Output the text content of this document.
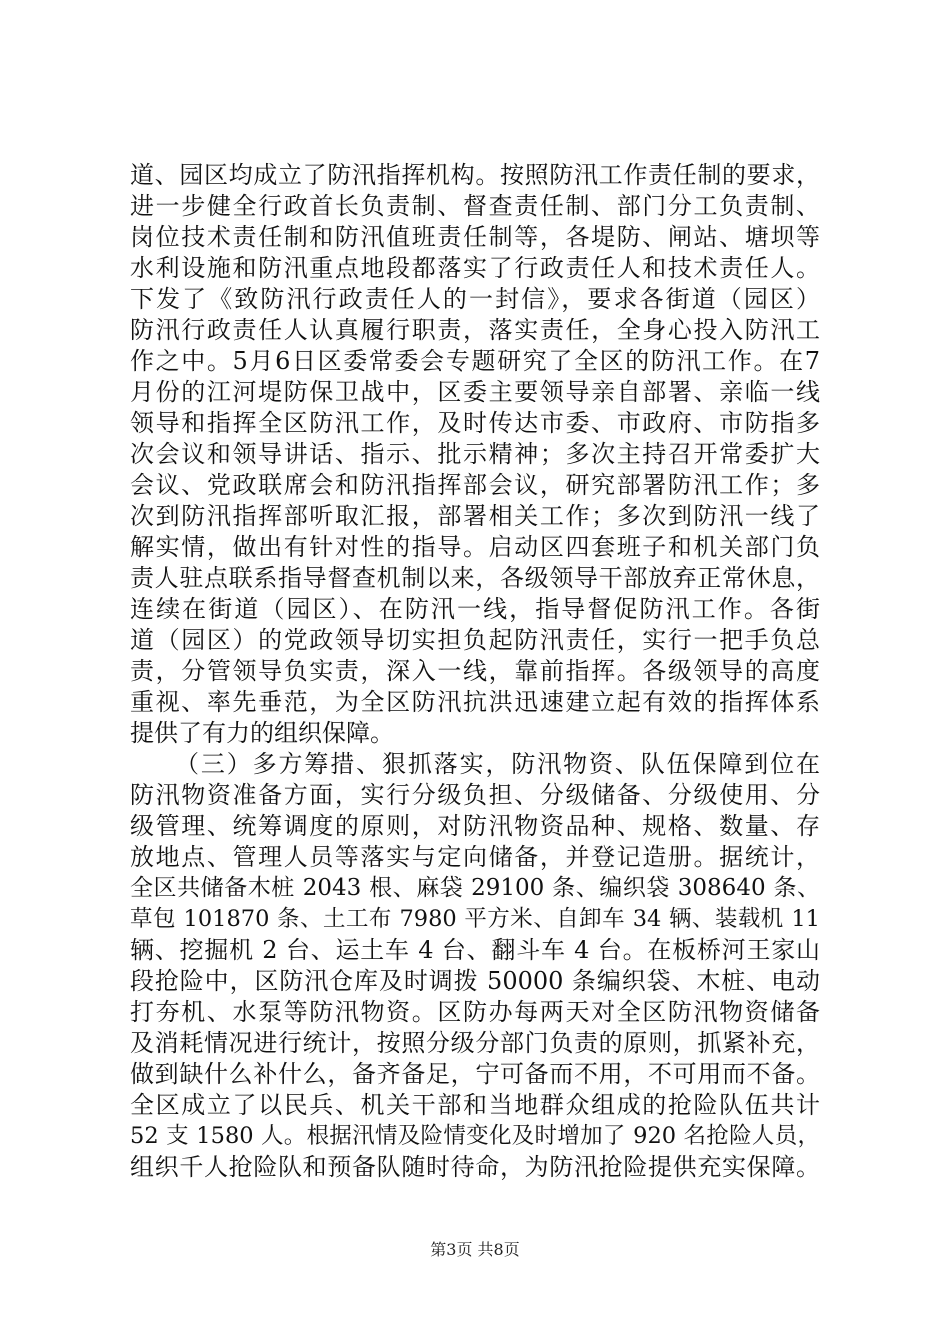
道、园区均成立了防汛指挥机构。按照防汛工作责任制的要求，
进一步健全行政首长负责制、督查责任制、部门分工负责制、
岗位技术责任制和防汛值班责任制等，各堤防、闸站、塘坝等
水利设施和防汛重点地段都落实了行政责任人和技术责任人。
下发了《致防汛行政责任人的一封信》，要求各街道（园区）
防汛行政责任人认真履行职责，落实责任，全身心投入防汛工
作之中。5月6日区委常委会专题研究了全区的防汛工作。在7
月份的江河堤防保卫战中，区委主要领导亲自部署、亲临一线
领导和指挥全区防汛工作，及时传达市委、市政府、市防指多
次会议和领导讲话、指示、批示精神；多次主持召开常委扩大
会议、党政联席会和防汛指挥部会议，研究部署防汛工作；多
次到防汛指挥部听取汇报，部署相关工作；多次到防汛一线了
解实情，做出有针对性的指导。启动区四套班子和机关部门负
责人驻点联系指导督查机制以来，各级领导干部放弃正常休息，
连续在街道（园区）、在防汛一线，指导督促防汛工作。各街
道（园区）的党政领导切实担负起防汛责任，实行一把手负总
责，分管领导负实责，深入一线，靠前指挥。各级领导的高度
重视、率先垂范，为全区防汛抗洪迅速建立起有效的指挥体系
提供了有力的组织保障。
（三）多方筹措、狠抓落实，防汛物资、队伍保障到位在
防汛物资准备方面，实行分级负担、分级储备、分级使用、分
级管理、统筹调度的原则，对防汛物资品种、规格、数量、存
放地点、管理人员等落实与定向储备，并登记造册。据统计，
全区共储备木桩 2043 根、麻袋 29100 条、编织袋 308640 条、
草包 101870 条、土工布 7980 平方米、自卸车 34 辆、装载机 11
辆、挖掘机 2 台、运土车 4 台、翻斗车 4 台。在板桥河王家山
段抢险中，区防汛仓库及时调拨 50000 条编织袋、木桩、电动
打夯机、水泵等防汛物资。区防办每两天对全区防汛物资储备
及消耗情况进行统计，按照分级分部门负责的原则，抓紧补充，
做到缺什么补什么，备齐备足，宁可备而不用，不可用而不备。
全区成立了以民兵、机关干部和当地群众组成的抢险队伍共计
52 支 1580 人。根据汛情及险情变化及时增加了 920 名抢险人员，
组织千人抢险队和预备队随时待命，为防汛抢险提供充实保障。
第3页 共8页
